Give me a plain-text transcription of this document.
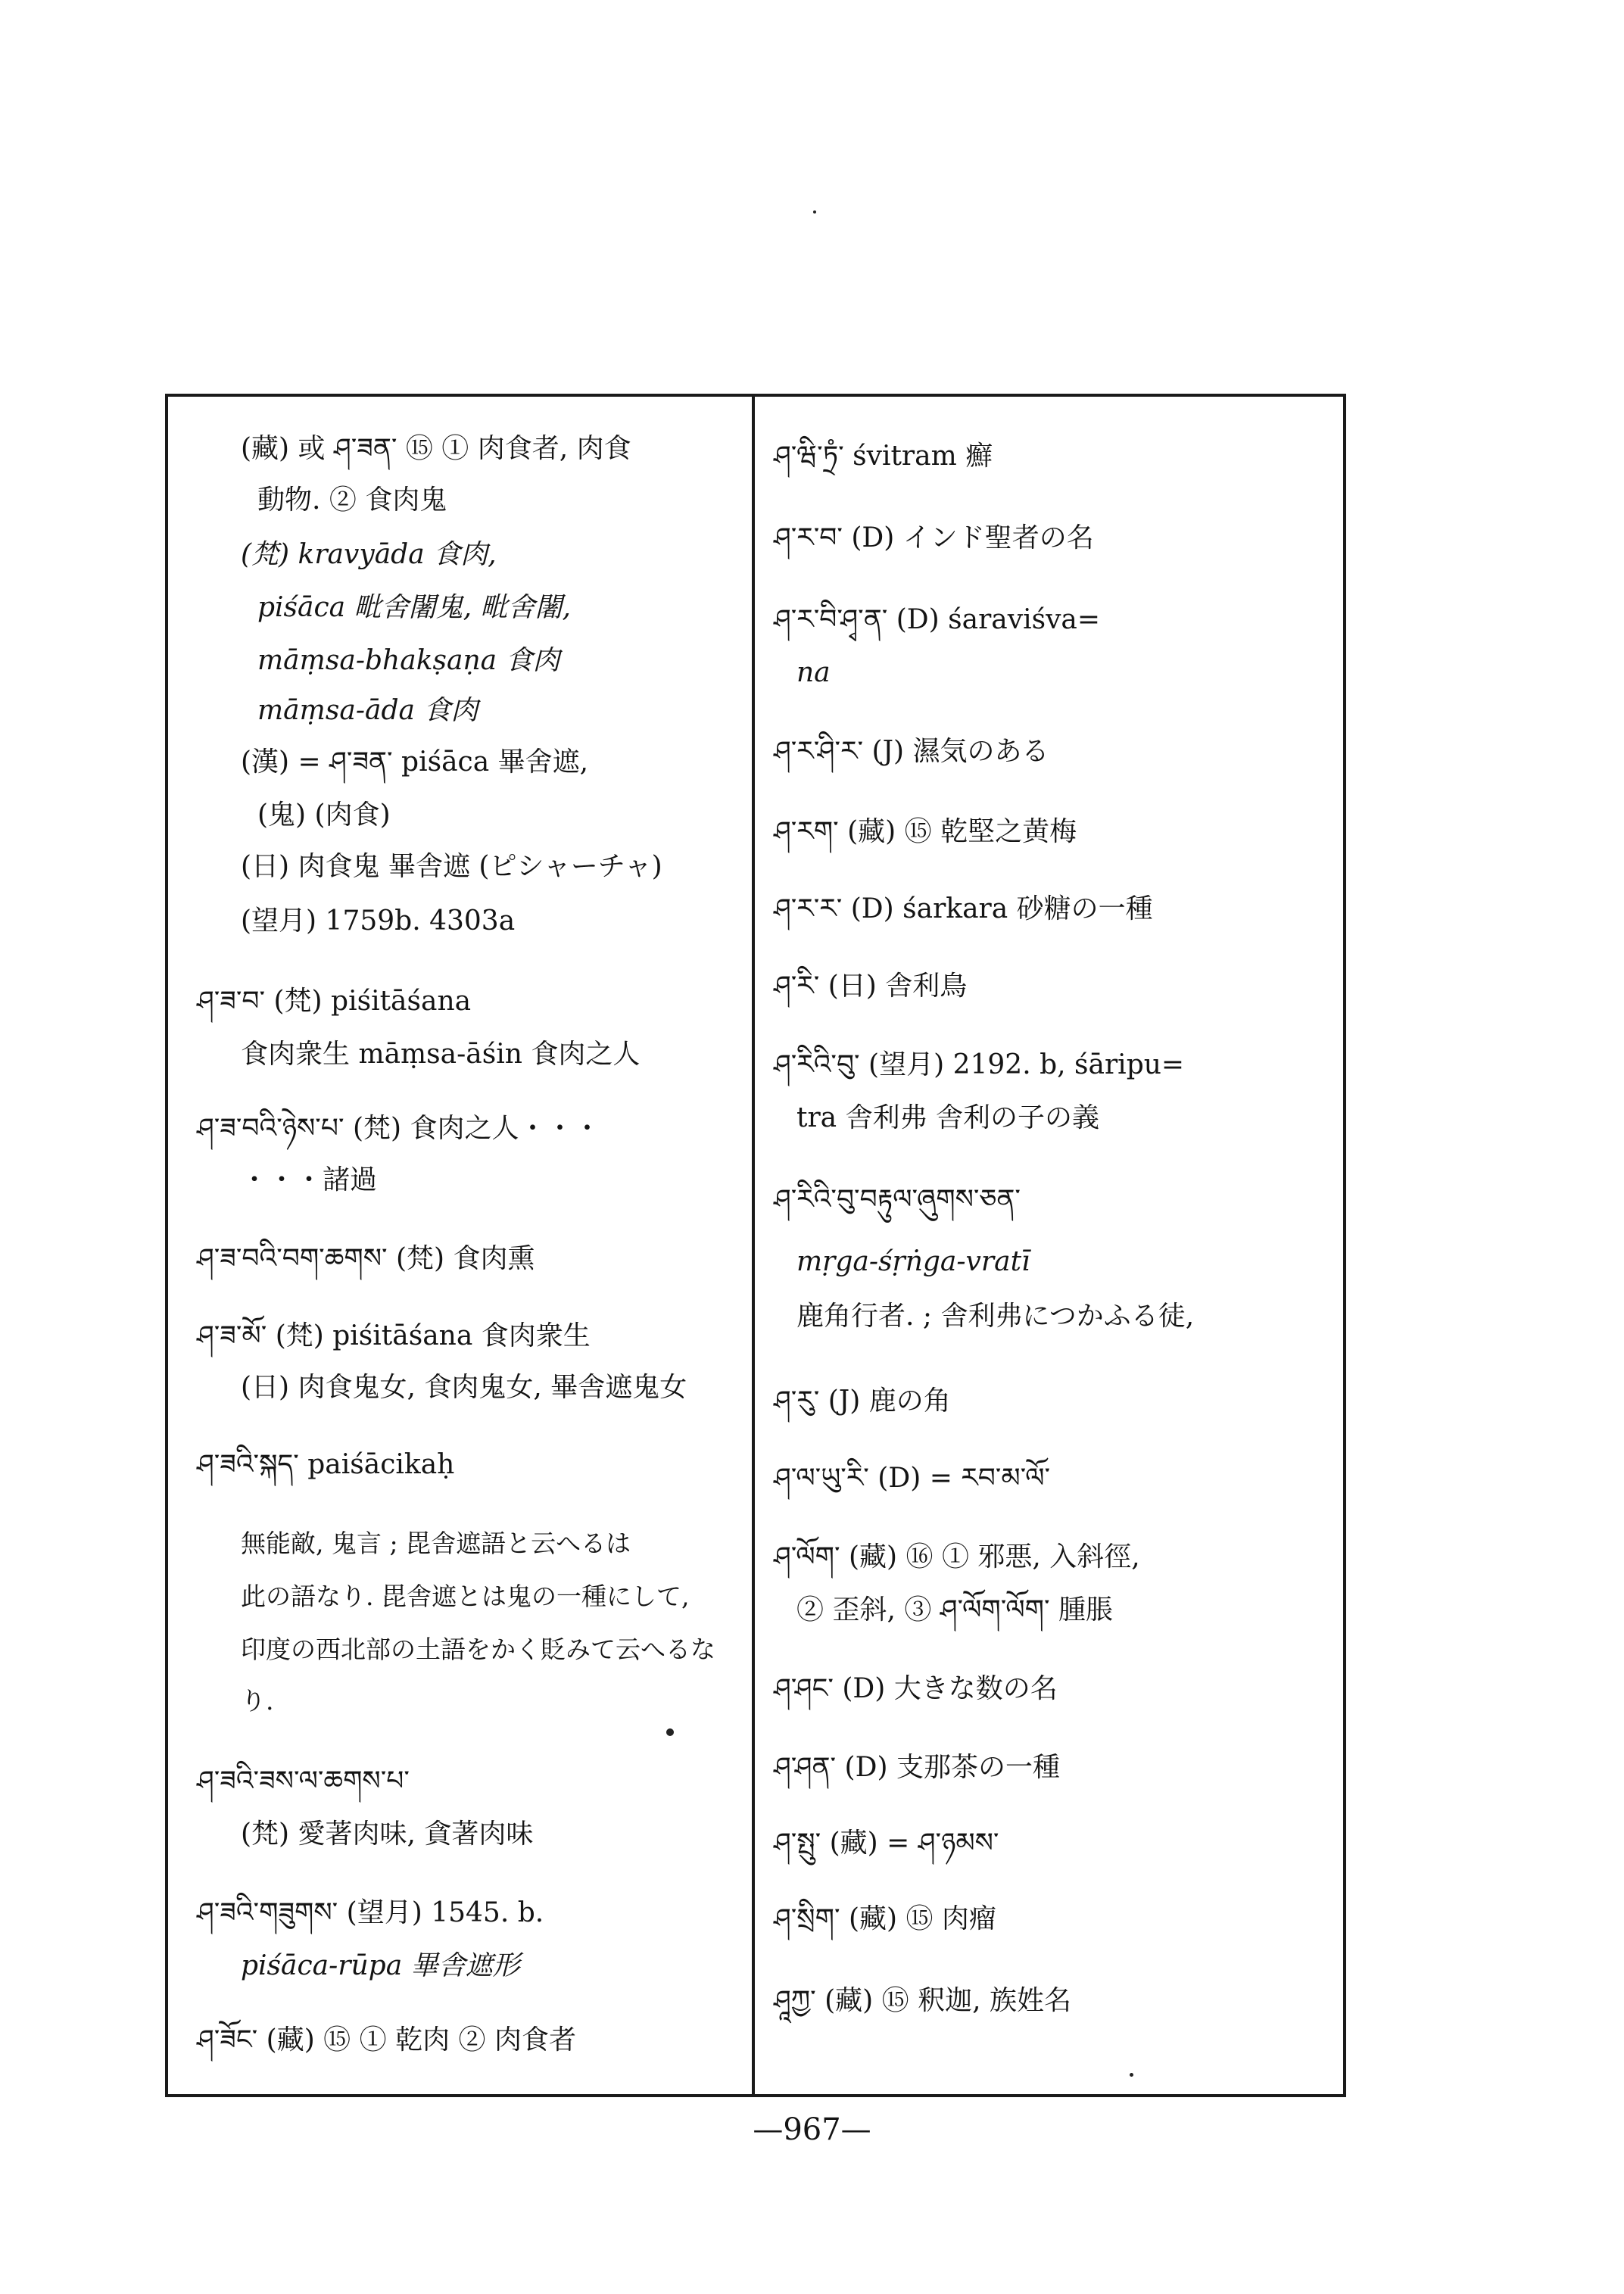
(藏) 或 ཤ་ཟན་ ⑮ ① 肉食者, 肉食
動物. ② 食肉鬼
(梵) kravyāda 食肉,
piśāca 毗舍闍鬼, 毗舍闍,
māṃsa-bhakṣaṇa 食肉
māṃsa-āda 食肉
(漢) = ཤ་ཟན་ piśāca 畢舍遮,
(鬼) (肉食)
(日) 肉食鬼 畢舎遮 (ピシャーチャ)
(望月) 1759b. 4303a
ཤ་ཟ་བ་ (梵) piśitāśana
食肉衆生 māṃsa-āśin 食肉之人
ཤ་ཟ་བའི་ཉེས་པ་ (梵) 食肉之人・・・
・・・諸過
ཤ་ཟ་བའི་བག་ཆགས་ (梵) 食肉熏
ཤ་ཟ་མོ་ (梵) piśitāśana 食肉衆生
(日) 肉食鬼女, 食肉鬼女, 畢舎遮鬼女
ཤ་ཟའི་སྐད་ paiśācikaḥ
無能敵, 鬼言 ; 毘舎遮語と云へるは
此の語なり. 毘舎遮とは鬼の一種にして,
印度の西北部の土語をかく貶みて云へるな
り.
ཤ་ཟའི་ཟས་ལ་ཆགས་པ་
(梵) 愛著肉味, 貪著肉味
ཤ་ཟའི་གཟུགས་ (望月) 1545. b.
piśāca-rūpa 畢舎遮形
ཤ་ཟོང་ (藏) ⑮ ① 乾肉 ② 肉食者
ཤ་ཝི་ཏྲཾ་ śvitram 癬
ཤ་ར་བ་ (D) インド聖者の名
ཤ་ར་བི་ཤྭ་ན་ (D) śaraviśva=
na
ཤ་ར་ཤི་ར་ (J) 濕気のある
ཤ་རག་ (藏) ⑮ 乾堅之黄梅
ཤ་ར་ར་ (D) śarkara 砂糖の一種
ཤ་རི་ (日) 舎利鳥
ཤ་རིའི་བུ་ (望月) 2192. b, śāripu=
tra 舎利弗 舎利の子の義
ཤ་རིའི་བུ་བརྟུལ་ཞུགས་ཅན་
mṛga-śṛṅga-vratī
鹿角行者. ; 舎利弗につかふる徒,
ཤ་རུ་ (J) 鹿の角
ཤ་ལ་ཡུ་རི་ (D) = རབ་མ་ལོ་
ཤ་ལོག་ (藏) ⑯ ① 邪悪, 入斜徑,
② 歪斜, ③ ཤ་ལོག་ལོག་ 腫脹
ཤ་ཤང་ (D) 大きな数の名
ཤ་ཤན་ (D) 支那茶の一種
ཤ་སྤུ་ (藏) = ཤ་ཉམས་
ཤ་སྲིག་ (藏) ⑮ 肉瘤
ཤཱཀྱ་ (藏) ⑮ 釈迦, 族姓名
—967—
